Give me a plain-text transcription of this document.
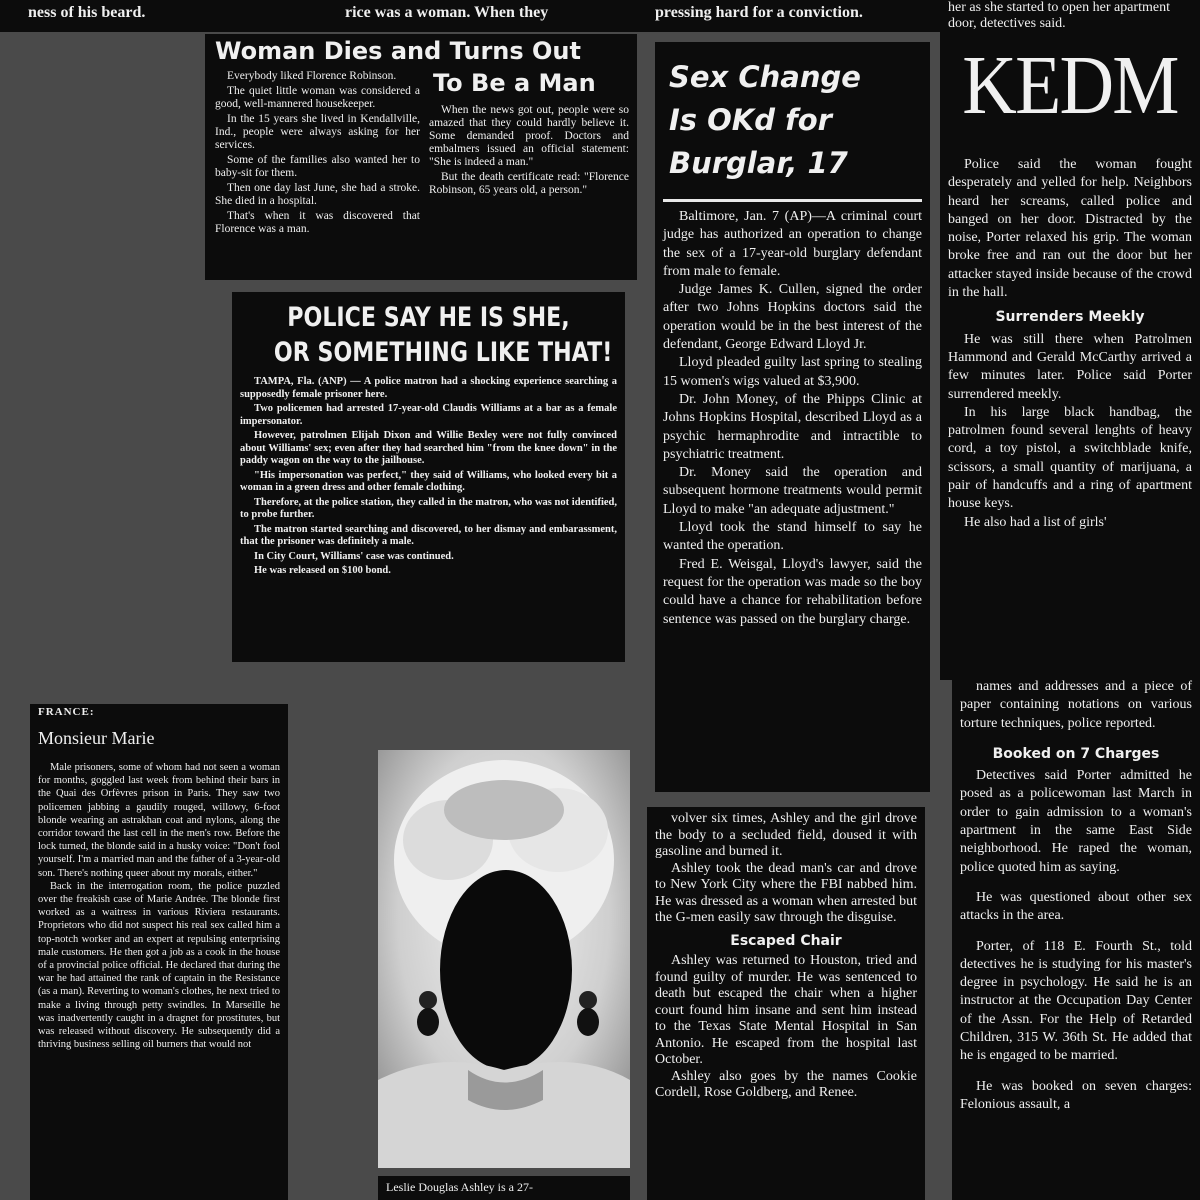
ness of his beard.	rice was a woman. When they	pressing hard for a conviction.
Woman Dies and Turns Out
To Be a Man

Everybody liked Florence Robinson.

The quiet little woman was considered a good, well-mannered housekeeper.

In the 15 years she lived in Kendallville, Ind., people were always asking for her services.

Some of the families also wanted her to baby-sit for them.

Then one day last June, she had a stroke. She died in a hospital.

That's when it was discovered that Florence was a man.

When the news got out, people were so amazed that they could hardly believe it. Some demanded proof. Doctors and embalmers issued an official statement: "She is indeed a man."

But the death certificate read: "Florence Robinson, 65 years old, a person."

POLICE SAY HE IS SHE,
OR SOMETHING LIKE THAT!

TAMPA, Fla. (ANP) — A police matron had a shocking experience searching a supposedly female prisoner here.

Two policemen had arrested 17-year-old Claudis Williams at a bar as a female impersonator.

However, patrolmen Elijah Dixon and Willie Bexley were not fully convinced about Williams' sex; even after they had searched him "from the knee down" in the paddy wagon on the way to the jailhouse.

"His impersonation was perfect," they said of Williams, who looked every bit a woman in a green dress and other female clothing.

Therefore, at the police station, they called in the matron, who was not identified, to probe further.

The matron started searching and discovered, to her dismay and embarassment, that the prisoner was definitely a male.

In City Court, Williams' case was continued.

He was released on $100 bond.

Sex Change
Is OKd for
Burglar, 17

Baltimore, Jan. 7 (AP)—A criminal court judge has authorized an operation to change the sex of a 17-year-old burglary defendant from male to female.

Judge James K. Cullen, signed the order after two Johns Hopkins doctors said the operation would be in the best interest of the defendant, George Edward Lloyd Jr.

Lloyd pleaded guilty last spring to stealing 15 women's wigs valued at $3,900.

Dr. John Money, of the Phipps Clinic at Johns Hopkins Hospital, described Lloyd as a psychic hermaphrodite and intractible to psychiatric treatment.

Dr. Money said the operation and subsequent hormone treatments would permit Lloyd to make "an adequate adjustment."

Lloyd took the stand himself to say he wanted the operation.

Fred E. Weisgal, Lloyd's lawyer, said the request for the operation was made so the boy could have a chance for rehabilitation before sentence was passed on the burglary charge.

her as she started to open her apartment door, detectives said.
KEDM

Police said the woman fought desperately and yelled for help. Neighbors heard her screams, called police and banged on her door. Distracted by the noise, Porter relaxed his grip. The woman broke free and ran out the door but her attacker stayed inside because of the crowd in the hall.

Surrenders Meekly

He was still there when Patrolmen Hammond and Gerald McCarthy arrived a few minutes later. Police said Porter surrendered meekly.

In his large black handbag, the patrolmen found several lenghts of heavy cord, a toy pistol, a switchblade knife, scissors, a small quantity of marijuana, a pair of handcuffs and a ring of apartment house keys.

He also had a list of girls'

names and addresses and a piece of paper containing notations on various torture techniques, police reported.

Booked on 7 Charges

Detectives said Porter admitted he posed as a policewoman last March in order to gain admission to a woman's apartment in the same East Side neighborhood. He raped the woman, police quoted him as saying.

He was questioned about other sex attacks in the area.

Porter, of 118 E. Fourth St., told detectives he is studying for his master's degree in psychology. He said he is an instructor at the Occupation Day Center of the Assn. For the Help of Retarded Children, 315 W. 36th St. He added that he is engaged to be married.

He was booked on seven charges: Felonious assault, a

FRANCE:
Monsieur Marie

Male prisoners, some of whom had not seen a woman for months, goggled last week from behind their bars in the Quai des Orfèvres prison in Paris. They saw two policemen jabbing a gaudily rouged, willowy, 6-foot blonde wearing an astrakhan coat and nylons, along the corridor toward the last cell in the men's row. Before the lock turned, the blonde said in a husky voice: "Don't fool yourself. I'm a married man and the father of a 3-year-old son. There's nothing queer about my morals, either."

Back in the interrogation room, the police puzzled over the freakish case of Marie Andrée. The blonde first worked as a waitress in various Riviera restaurants. Proprietors who did not suspect his real sex called him a top-notch worker and an expert at repulsing enterprising male customers. He then got a job as a cook in the house of a provincial police official. He declared that during the war he had attained the rank of captain in the Resistance (as a man). Reverting to woman's clothes, he next tried to make a living through petty swindles. In Marseille he was inadvertently caught in a dragnet for prostitutes, but was released without discovery. He subsequently did a thriving business selling oil burners that would not

Leslie Douglas Ashley is a 27-

volver six times, Ashley and the girl drove the body to a secluded field, doused it with gasoline and burned it.

Ashley took the dead man's car and drove to New York City where the FBI nabbed him. He was dressed as a woman when arrested but the G-men easily saw through the disguise.

Escaped Chair

Ashley was returned to Houston, tried and found guilty of murder. He was sentenced to death but escaped the chair when a higher court found him insane and sent him instead to the Texas State Mental Hospital in San Antonio. He escaped from the hospital last October.

Ashley also goes by the names Cookie Cordell, Rose Goldberg, and Renee.
